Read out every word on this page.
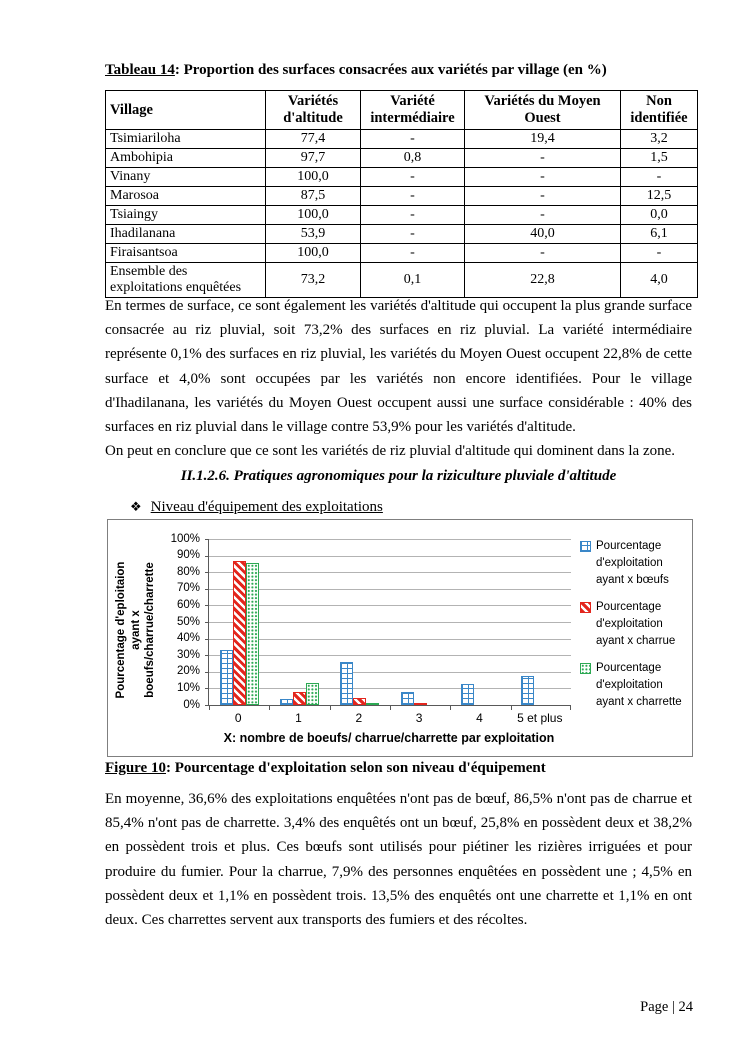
Tableau 14: Proportion des surfaces consacrées aux variétés par village (en %)
Village	Variétés d'altitude	Variété intermédiaire	Variétés du Moyen Ouest	Non identifiée
Tsimiariloha	77,4	-	19,4	3,2
Ambohipia	97,7	0,8	-	1,5
Vinany	100,0	-	-	-
Marosoa	87,5	-	-	12,5
Tsiaingy	100,0	-	-	0,0
Ihadilanana	53,9	-	40,0	6,1
Firaisantsoa	100,0	-	-	-
Ensemble des exploitations enquêtées	73,2	0,1	22,8	4,0

En termes de surface, ce sont également les variétés d'altitude qui occupent la plus grande surface consacrée au riz pluvial, soit 73,2% des surfaces en riz pluvial. La variété intermédiaire représente 0,1% des surfaces en riz pluvial, les variétés du Moyen Ouest occupent 22,8% de cette surface et 4,0% sont occupées par les variétés non encore identifiées. Pour le village d'Ihadilanana, les variétés du Moyen Ouest occupent aussi une surface considérable : 40% des surfaces en riz pluvial dans le village contre 53,9% pour les variétés d'altitude.

On peut en conclure que ce sont les variétés de riz pluvial d'altitude qui dominent dans la zone.

II.1.2.6. Pratiques agronomiques pour la riziculture pluviale d'altitude
❖ Niveau d'équipement des exploitations
Pourcentage d'eploitaion ayant x boeufs/charrue/charrette
100%
90%
80%
70%
60%
50%
40%
30%
20%
10%
0%
0	1	2	3	4	5 et plus
X: nombre de boeufs/ charrue/charrette par exploitation
Pourcentage d'exploitation ayant x bœufs
Pourcentage d'exploitation ayant x charrue
Pourcentage d'exploitation ayant x charrette
Figure 10: Pourcentage d'exploitation selon son niveau d'équipement

En moyenne, 36,6% des exploitations enquêtées n'ont pas de bœuf, 86,5% n'ont pas de charrue et 85,4% n'ont pas de charrette. 3,4% des enquêtés ont un bœuf, 25,8% en possèdent deux et 38,2% en possèdent trois et plus. Ces bœufs sont utilisés pour piétiner les rizières irriguées et pour produire du fumier. Pour la charrue, 7,9% des personnes enquêtées en possèdent une ; 4,5% en possèdent deux et 1,1% en possèdent trois. 13,5% des enquêtés ont une charrette et 1,1% en ont deux. Ces charrettes servent aux transports des fumiers et des récoltes.

Page | 24
